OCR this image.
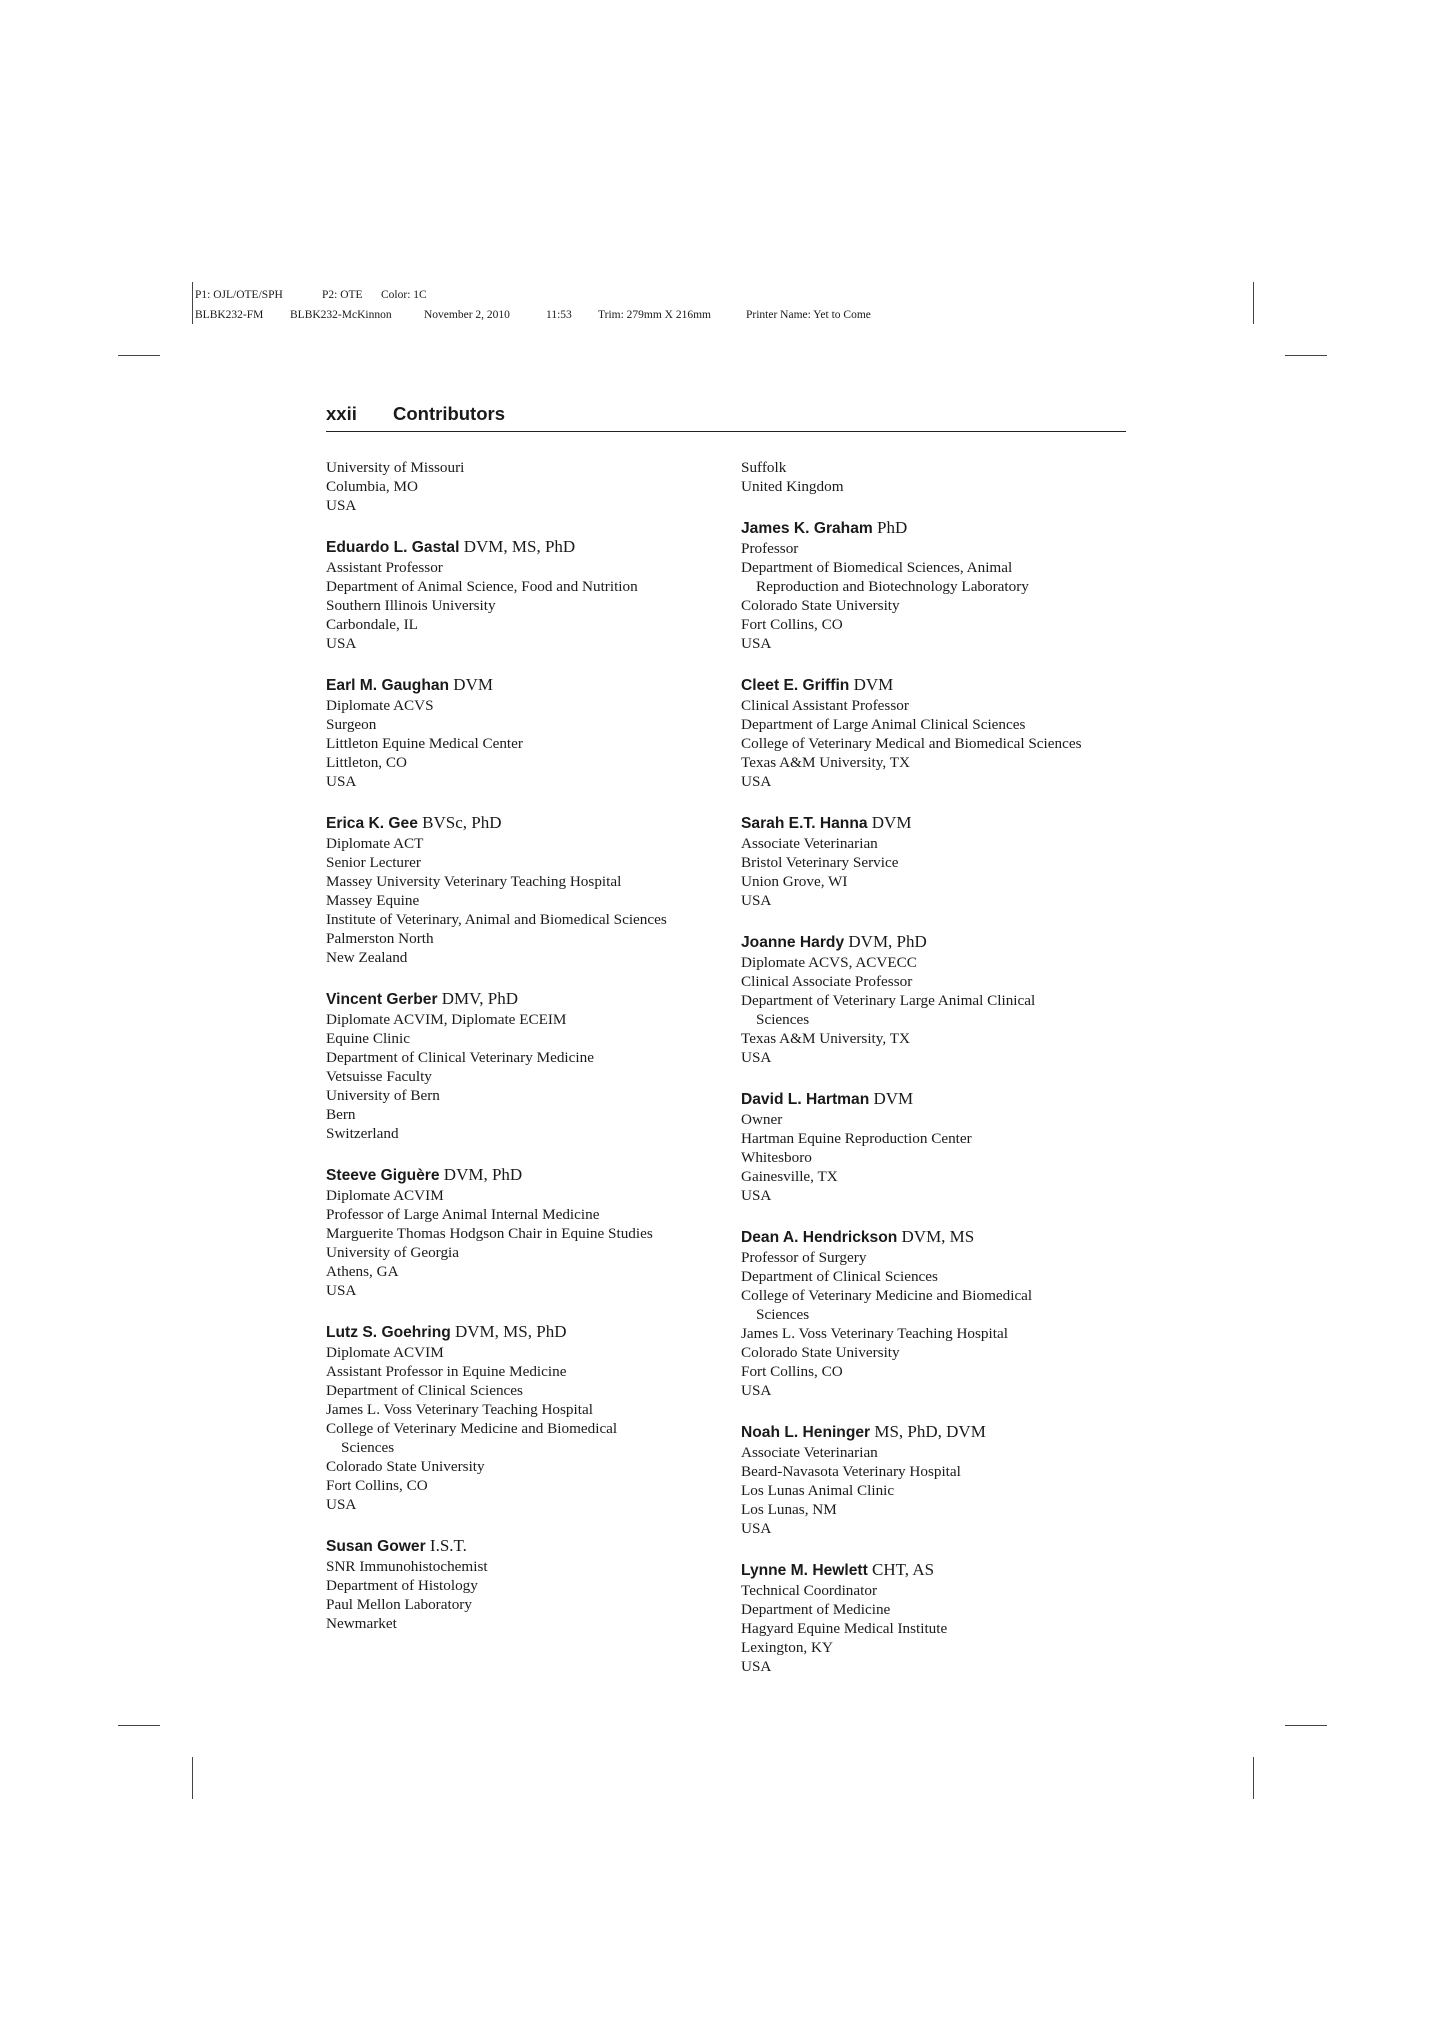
P1: OJL/OTE/SPH	P2: OTE Color: 1C
BLBK232-FM BLBK232-McKinnon	November 2, 2010	11:53 Trim: 279mm X 216mm	Printer Name: Yet to Come
xxii Contributors
University of Missouri
Columbia, MO
USA
Eduardo L. Gastal DVM, MS, PhD
Assistant Professor
Department of Animal Science, Food and Nutrition
Southern Illinois University
Carbondale, IL
USA
Earl M. Gaughan DVM
Diplomate ACVS
Surgeon
Littleton Equine Medical Center
Littleton, CO
USA
Erica K. Gee BVSc, PhD
Diplomate ACT
Senior Lecturer
Massey University Veterinary Teaching Hospital
Massey Equine
Institute of Veterinary, Animal and Biomedical Sciences
Palmerston North
New Zealand
Vincent Gerber DMV, PhD
Diplomate ACVIM, Diplomate ECEIM
Equine Clinic
Department of Clinical Veterinary Medicine
Vetsuisse Faculty
University of Bern
Bern
Switzerland
Steeve Giguère DVM, PhD
Diplomate ACVIM
Professor of Large Animal Internal Medicine
Marguerite Thomas Hodgson Chair in Equine Studies
University of Georgia
Athens, GA
USA
Lutz S. Goehring DVM, MS, PhD
Diplomate ACVIM
Assistant Professor in Equine Medicine
Department of Clinical Sciences
James L. Voss Veterinary Teaching Hospital
College of Veterinary Medicine and Biomedical
Sciences
Colorado State University
Fort Collins, CO
USA
Susan Gower I.S.T.
SNR Immunohistochemist
Department of Histology
Paul Mellon Laboratory
Newmarket
Suffolk
United Kingdom
James K. Graham PhD
Professor
Department of Biomedical Sciences, Animal
Reproduction and Biotechnology Laboratory
Colorado State University
Fort Collins, CO
USA
Cleet E. Griffin DVM
Clinical Assistant Professor
Department of Large Animal Clinical Sciences
College of Veterinary Medical and Biomedical Sciences
Texas A&M University, TX
USA
Sarah E.T. Hanna DVM
Associate Veterinarian
Bristol Veterinary Service
Union Grove, WI
USA
Joanne Hardy DVM, PhD
Diplomate ACVS, ACVECC
Clinical Associate Professor
Department of Veterinary Large Animal Clinical
Sciences
Texas A&M University, TX
USA
David L. Hartman DVM
Owner
Hartman Equine Reproduction Center
Whitesboro
Gainesville, TX
USA
Dean A. Hendrickson DVM, MS
Professor of Surgery
Department of Clinical Sciences
College of Veterinary Medicine and Biomedical
Sciences
James L. Voss Veterinary Teaching Hospital
Colorado State University
Fort Collins, CO
USA
Noah L. Heninger MS, PhD, DVM
Associate Veterinarian
Beard-Navasota Veterinary Hospital
Los Lunas Animal Clinic
Los Lunas, NM
USA
Lynne M. Hewlett CHT, AS
Technical Coordinator
Department of Medicine
Hagyard Equine Medical Institute
Lexington, KY
USA
